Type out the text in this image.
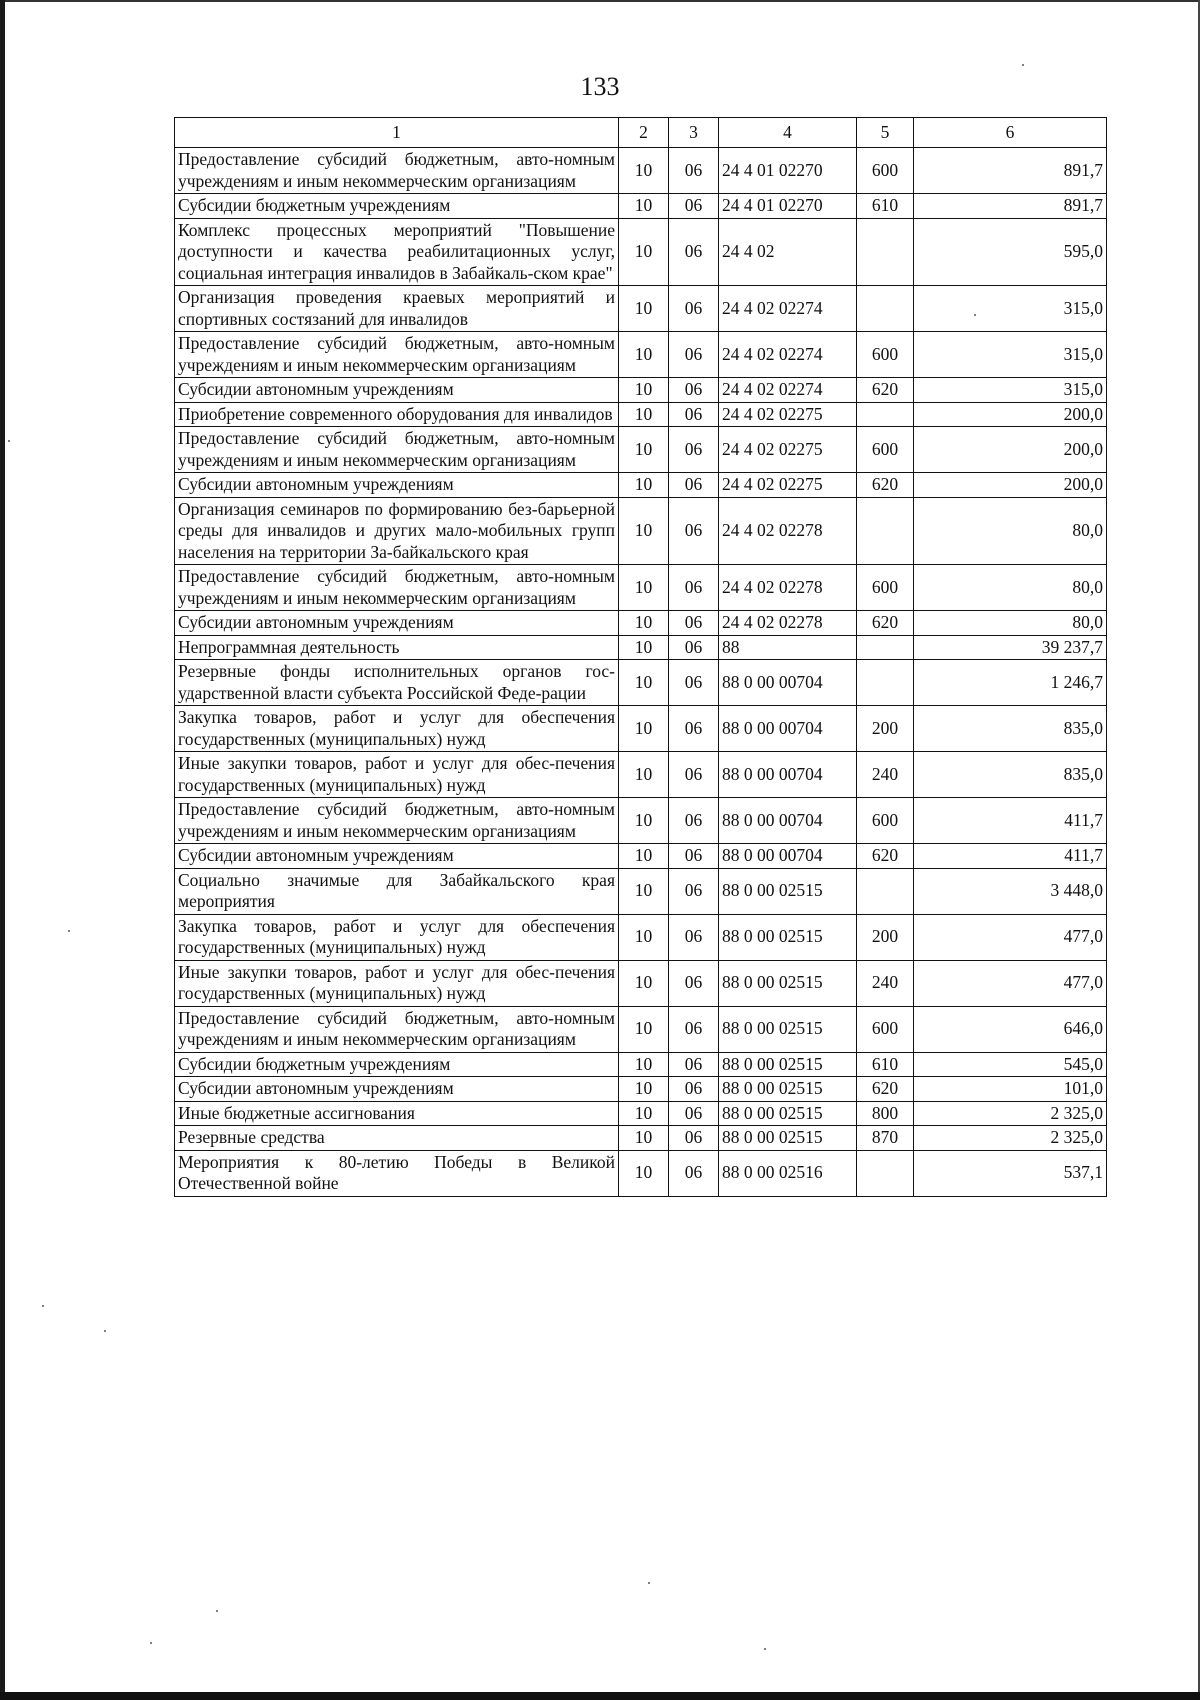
133
1	2	3	4	5	6
Предоставление субсидий бюджетным, авто-номным учреждениям и иным некоммерческим организациям	10	06	24 4 01 02270	600	891,7
Субсидии бюджетным учреждениям	10	06	24 4 01 02270	610	891,7
Комплекс процессных мероприятий "Повышение доступности и качества реабилитационных услуг, социальная интеграция инвалидов в Забайкаль-ском крае"	10	06	24 4 02		595,0
Организация проведения краевых мероприятий и спортивных состязаний для инвалидов	10	06	24 4 02 02274		315,0
Предоставление субсидий бюджетным, авто-номным учреждениям и иным некоммерческим организациям	10	06	24 4 02 02274	600	315,0
Субсидии автономным учреждениям	10	06	24 4 02 02274	620	315,0
Приобретение современного оборудования для инвалидов	10	06	24 4 02 02275		200,0
Предоставление субсидий бюджетным, авто-номным учреждениям и иным некоммерческим организациям	10	06	24 4 02 02275	600	200,0
Субсидии автономным учреждениям	10	06	24 4 02 02275	620	200,0
Организация семинаров по формированию без-барьерной среды для инвалидов и других мало-мобильных групп населения на территории За-байкальского края	10	06	24 4 02 02278		80,0
Предоставление субсидий бюджетным, авто-номным учреждениям и иным некоммерческим организациям	10	06	24 4 02 02278	600	80,0
Субсидии автономным учреждениям	10	06	24 4 02 02278	620	80,0
Непрограммная деятельность	10	06	88		39 237,7
Резервные фонды исполнительных органов гос-ударственной власти субъекта Российской Феде-рации	10	06	88 0 00 00704		1 246,7
Закупка товаров, работ и услуг для обеспечения государственных (муниципальных) нужд	10	06	88 0 00 00704	200	835,0
Иные закупки товаров, работ и услуг для обес-печения государственных (муниципальных) нужд	10	06	88 0 00 00704	240	835,0
Предоставление субсидий бюджетным, авто-номным учреждениям и иным некоммерческим организациям	10	06	88 0 00 00704	600	411,7
Субсидии автономным учреждениям	10	06	88 0 00 00704	620	411,7
Социально значимые для Забайкальского края мероприятия	10	06	88 0 00 02515		3 448,0
Закупка товаров, работ и услуг для обеспечения государственных (муниципальных) нужд	10	06	88 0 00 02515	200	477,0
Иные закупки товаров, работ и услуг для обес-печения государственных (муниципальных) нужд	10	06	88 0 00 02515	240	477,0
Предоставление субсидий бюджетным, авто-номным учреждениям и иным некоммерческим организациям	10	06	88 0 00 02515	600	646,0
Субсидии бюджетным учреждениям	10	06	88 0 00 02515	610	545,0
Субсидии автономным учреждениям	10	06	88 0 00 02515	620	101,0
Иные бюджетные ассигнования	10	06	88 0 00 02515	800	2 325,0
Резервные средства	10	06	88 0 00 02515	870	2 325,0
Мероприятия к 80-летию Победы в Великой Отечественной войне	10	06	88 0 00 02516		537,1
